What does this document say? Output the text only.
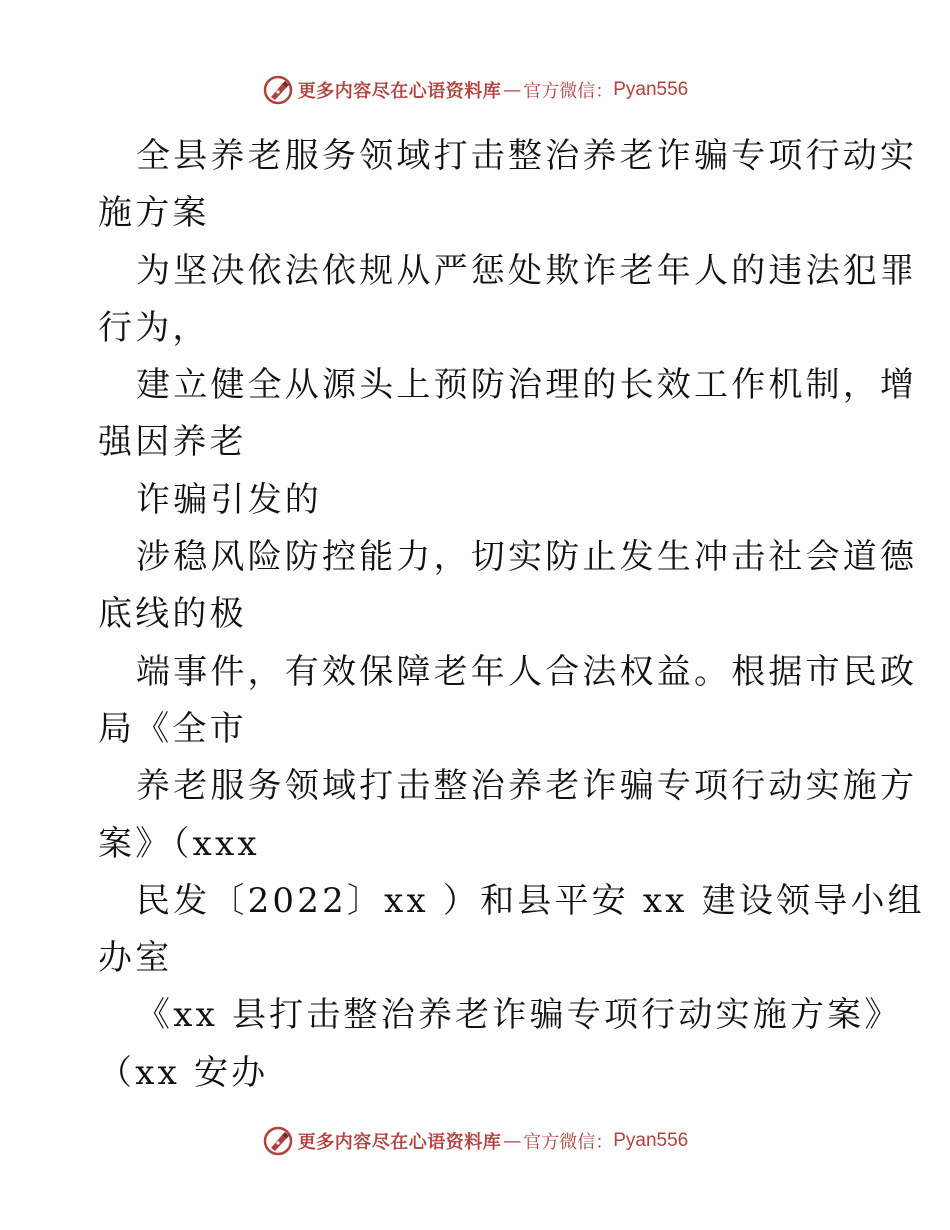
更多内容尽在心语资料库 — 官方微信： Pyan556

全县养老服务领域打击整治养老诈骗专项行动实

施方案

为坚决依法依规从严惩处欺诈老年人的违法犯罪

行为，

建立健全从源头上预防治理的长效工作机制，增

强因养老

诈骗引发的

涉稳风险防控能力，切实防止发生冲击社会道德

底线的极

端事件，有效保障老年人合法权益。根据市民政

局《全市

养老服务领域打击整治养老诈骗专项行动实施方

案》（xxx

民发〔2022〕xx ）和县平安 xx 建设领导小组

办室

《xx 县打击整治养老诈骗专项行动实施方案》

（xx 安办

更多内容尽在心语资料库 — 官方微信： Pyan556
